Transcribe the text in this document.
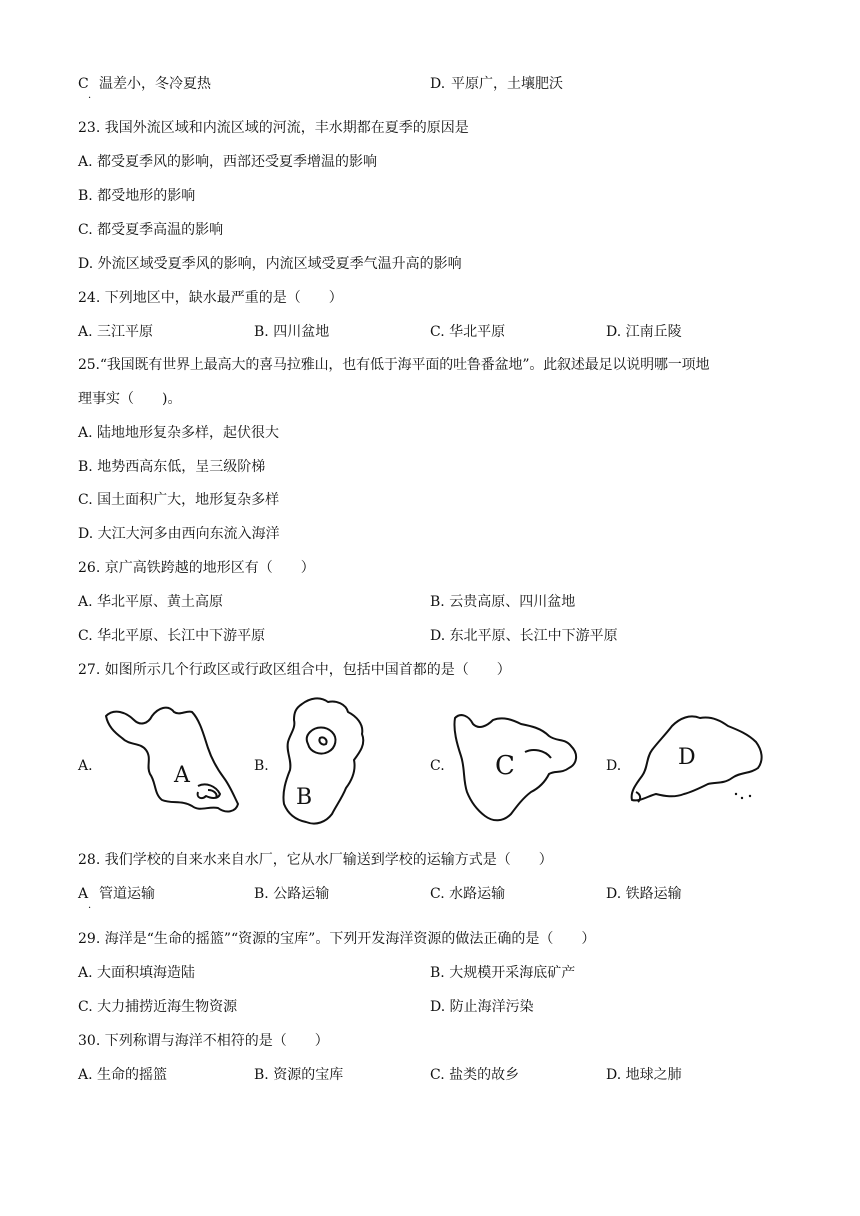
C
·
温差小，冬冷夏热	D. 平原广，土壤肥沃
23. 我国外流区域和内流区域的河流，丰水期都在夏季的原因是
A. 都受夏季风的影响，西部还受夏季增温的影响
B. 都受地形的影响
C. 都受夏季高温的影响
D. 外流区域受夏季风的影响，内流区域受夏季气温升高的影响
24. 下列地区中，缺水最严重的是（　　）
A. 三江平原	B. 四川盆地	C. 华北平原	D. 江南丘陵
25.“我国既有世界上最高大的喜马拉雅山，也有低于海平面的吐鲁番盆地”。此叙述最足以说明哪一项地
理事实（　　)。
A. 陆地地形复杂多样，起伏很大
B. 地势西高东低，呈三级阶梯
C. 国土面积广大，地形复杂多样
D. 大江大河多由西向东流入海洋
26. 京广高铁跨越的地形区有（　　）
A. 华北平原、黄土高原	B. 云贵高原、四川盆地
C. 华北平原、长江中下游平原	D. 东北平原、长江中下游平原
27. 如图所示几个行政区或行政区组合中，包括中国首都的是（　　）
A.	A	B.
B
C. C	D.	D
28. 我们学校的自来水来自水厂，它从水厂输送到学校的运输方式是（　　）
A
·
管道运输	B. 公路运输	C. 水路运输	D. 铁路运输
29. 海洋是“生命的摇篮”“资源的宝库”。下列开发海洋资源的做法正确的是（　　）
A. 大面积填海造陆	B. 大规模开采海底矿产
C. 大力捕捞近海生物资源	D. 防止海洋污染
30. 下列称谓与海洋不相符的是（　　）
A. 生命的摇篮	B. 资源的宝库	C. 盐类的故乡	D. 地球之肺
